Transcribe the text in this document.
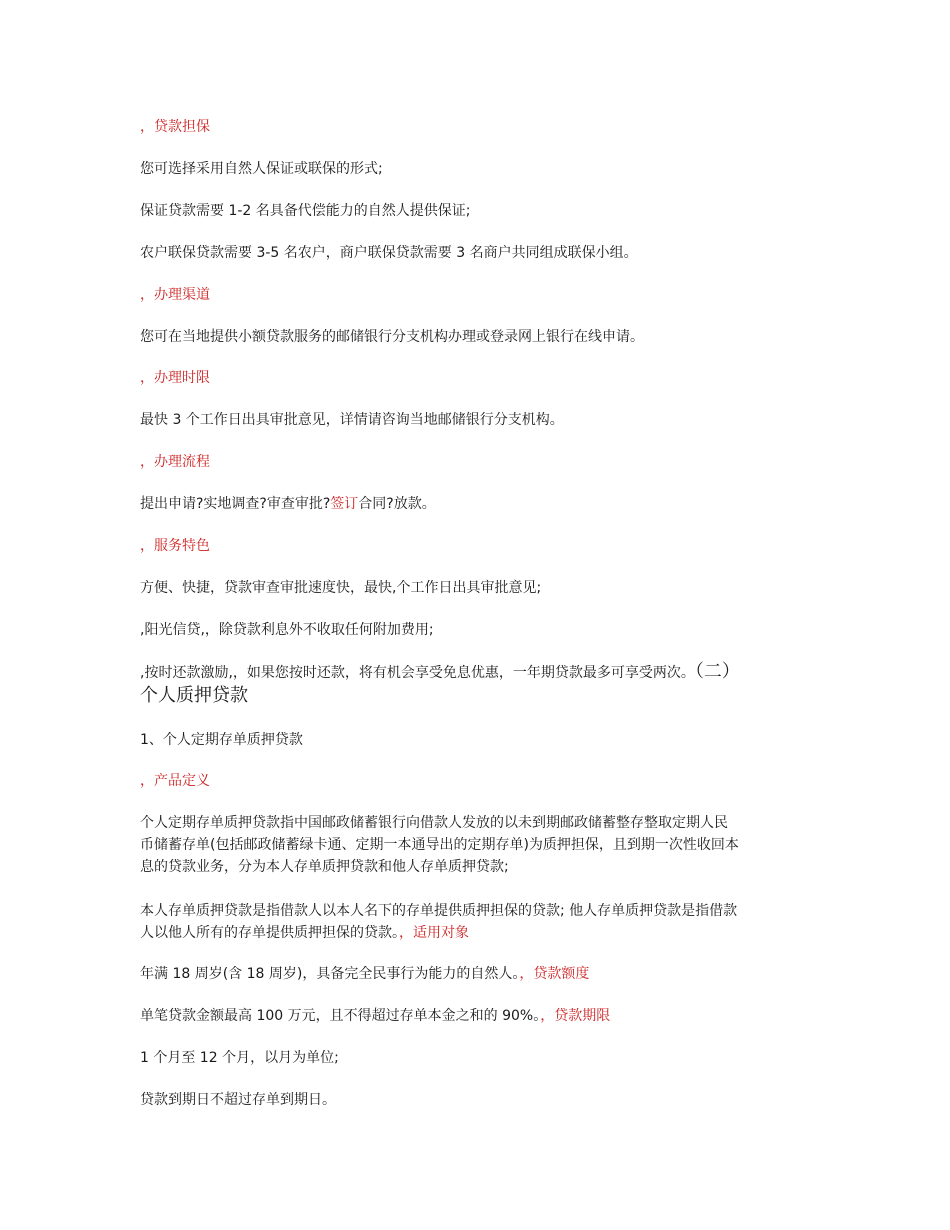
，贷款担保
您可选择采用自然人保证或联保的形式;
保证贷款需要 1-2 名具备代偿能力的自然人提供保证;
农户联保贷款需要 3-5 名农户，商户联保贷款需要 3 名商户共同组成联保小组。
，办理渠道
您可在当地提供小额贷款服务的邮储银行分支机构办理或登录网上银行在线申请。
，办理时限
最快 3 个工作日出具审批意见，详情请咨询当地邮储银行分支机构。
，办理流程
提出申请?实地调查?审查审批?签订合同?放款。
，服务特色
方便、快捷，贷款审查审批速度快，最快,个工作日出具审批意见;
,阳光信贷,，除贷款利息外不收取任何附加费用;
,按时还款激励,，如果您按时还款，将有机会享受免息优惠，一年期贷款最多可享受两次。（二）
个人质押贷款
1、个人定期存单质押贷款
，产品定义
个人定期存单质押贷款指中国邮政储蓄银行向借款人发放的以未到期邮政储蓄整存整取定期人民
币储蓄存单(包括邮政储蓄绿卡通、定期一本通导出的定期存单)为质押担保，且到期一次性收回本
息的贷款业务，分为本人存单质押贷款和他人存单质押贷款;
本人存单质押贷款是指借款人以本人名下的存单提供质押担保的贷款; 他人存单质押贷款是指借款
人以他人所有的存单提供质押担保的贷款。，适用对象
年满 18 周岁(含 18 周岁)，具备完全民事行为能力的自然人。，贷款额度
单笔贷款金额最高 100 万元，且不得超过存单本金之和的 90%。，贷款期限
1 个月至 12 个月，以月为单位;
贷款到期日不超过存单到期日。
